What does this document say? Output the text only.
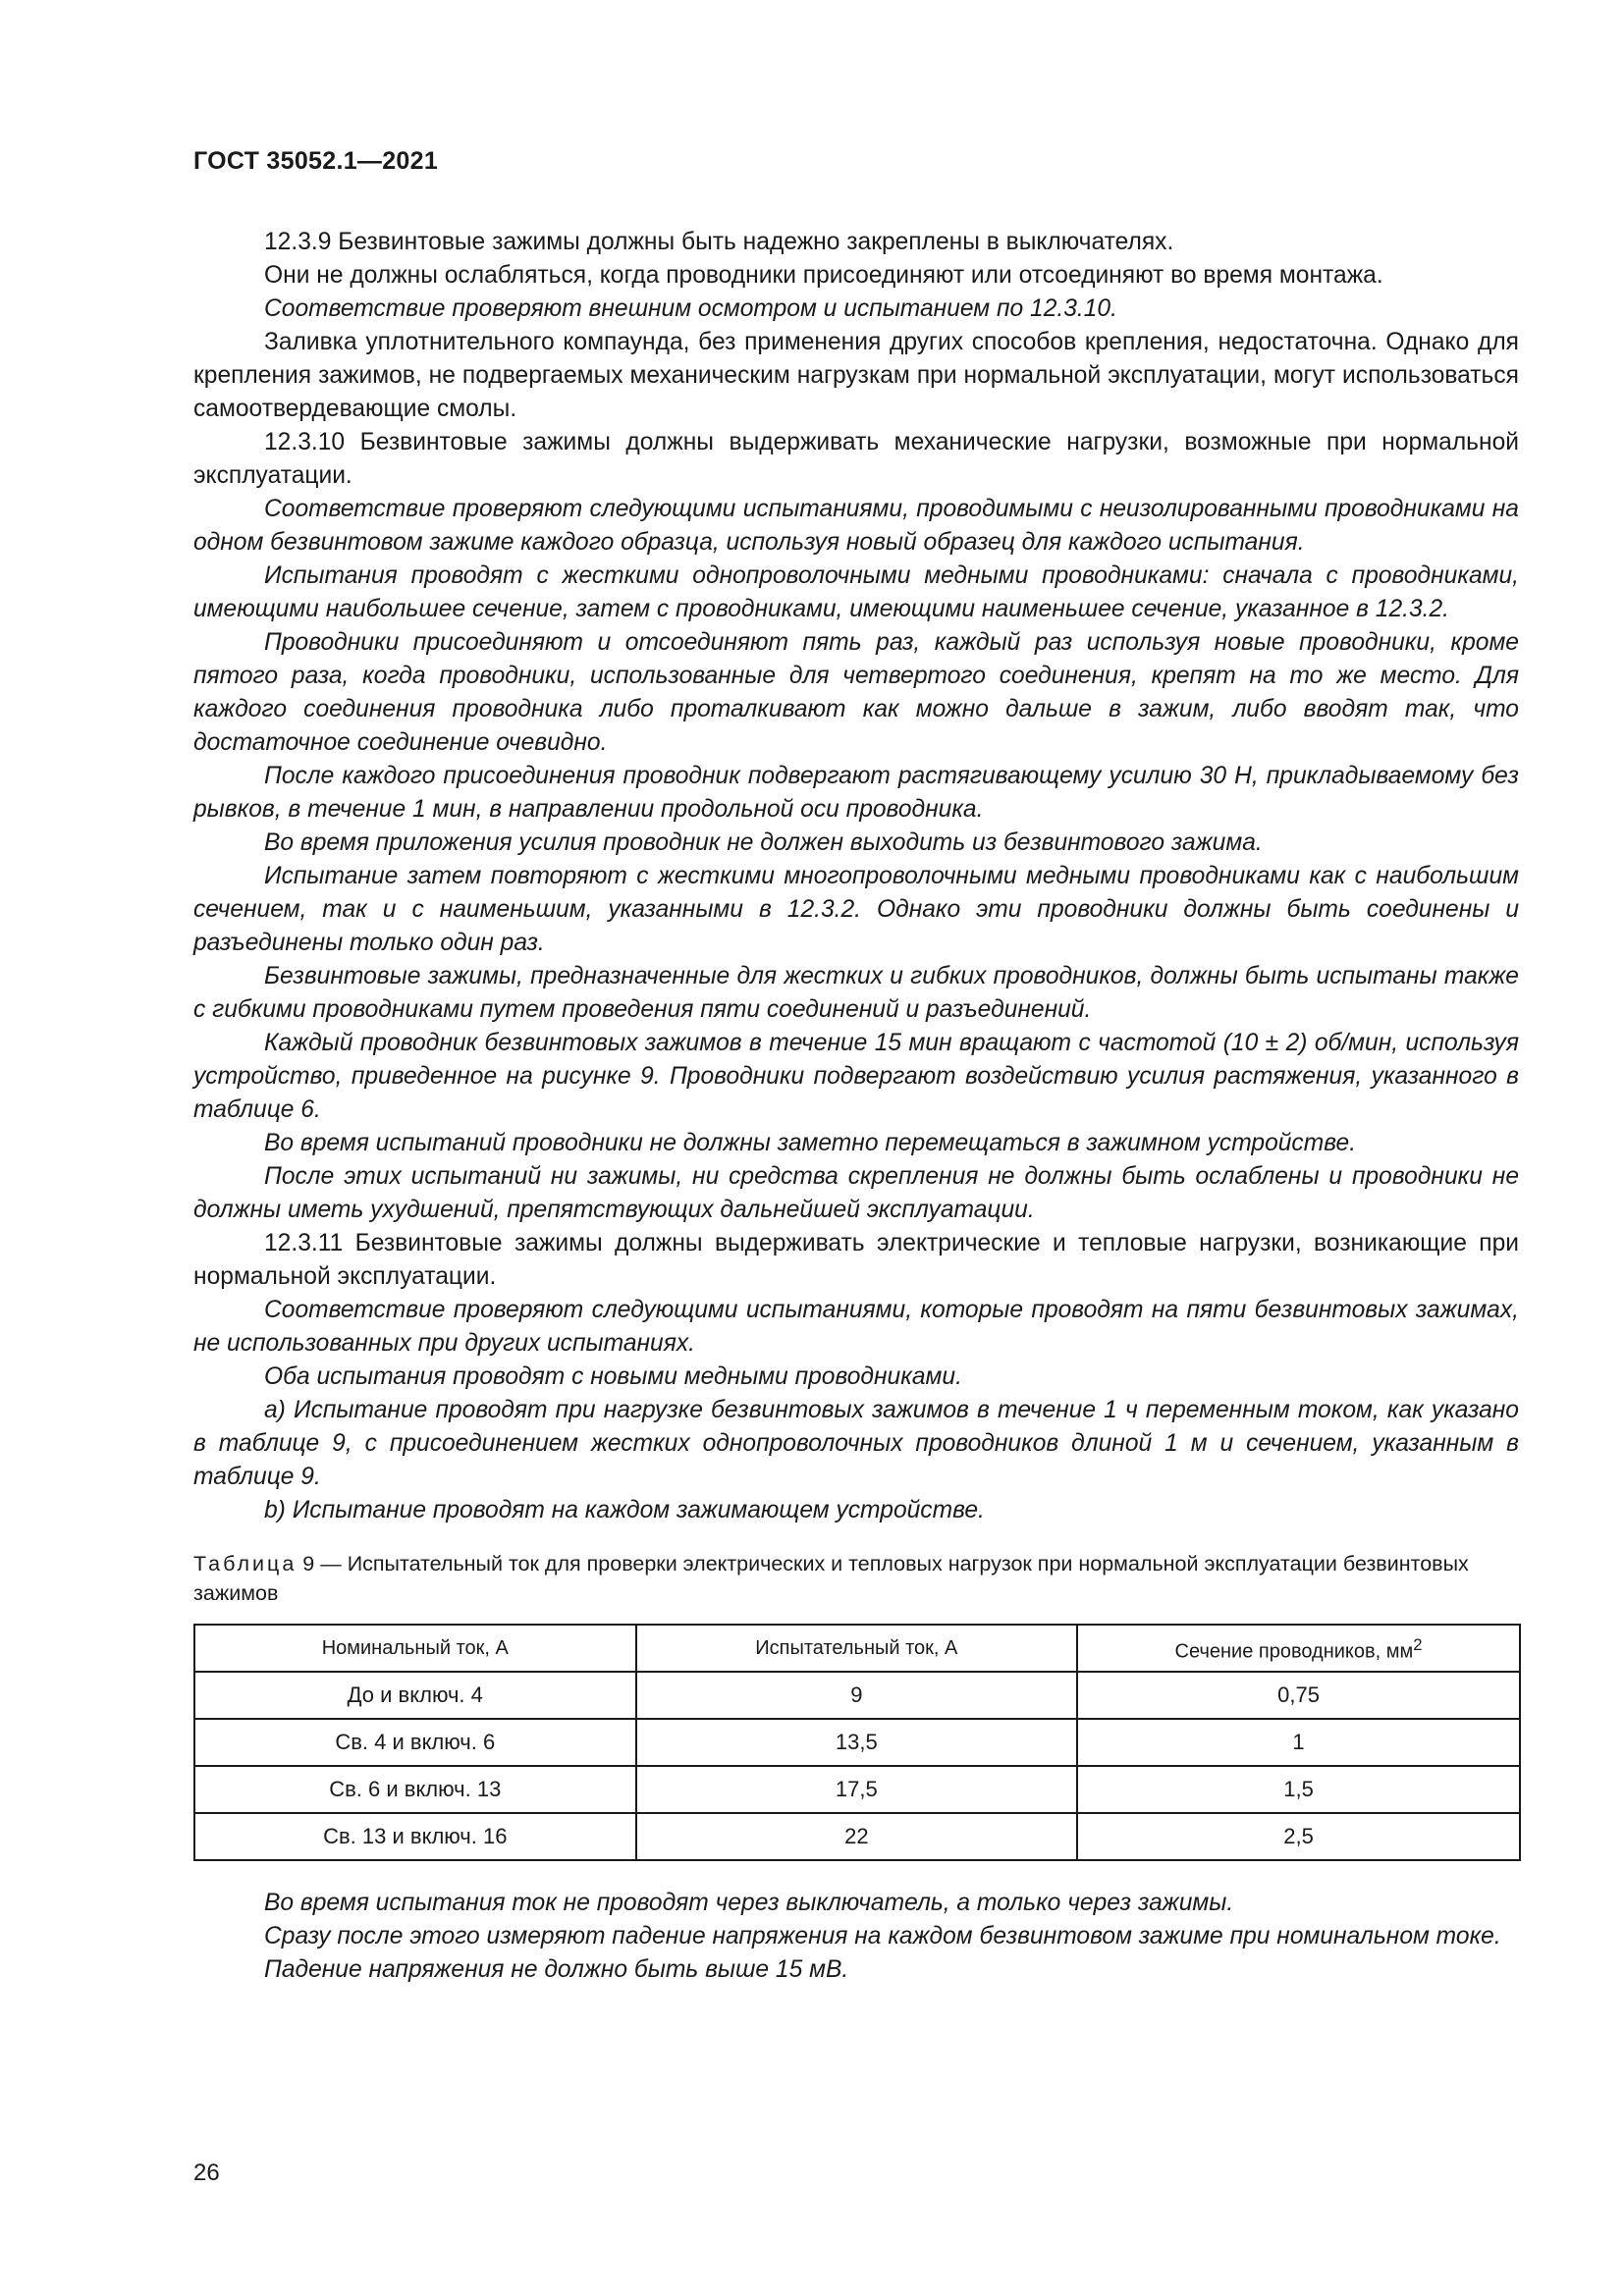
ГОСТ 35052.1—2021

12.3.9 Безвинтовые зажимы должны быть надежно закреплены в выключателях.

Они не должны ослабляться, когда проводники присоединяют или отсоединяют во время монтажа.

Соответствие проверяют внешним осмотром и испытанием по 12.3.10.

Заливка уплотнительного компаунда, без применения других способов крепления, недостаточна. Однако для крепления зажимов, не подвергаемых механическим нагрузкам при нормальной эксплуатации, могут использоваться самоотвердевающие смолы.

12.3.10 Безвинтовые зажимы должны выдерживать механические нагрузки, возможные при нормальной эксплуатации.

Соответствие проверяют следующими испытаниями, проводимыми с неизолированными проводниками на одном безвинтовом зажиме каждого образца, используя новый образец для каждого испытания.

Испытания проводят с жесткими однопроволочными медными проводниками: сначала с проводниками, имеющими наибольшее сечение, затем с проводниками, имеющими наименьшее сечение, указанное в 12.3.2.

Проводники присоединяют и отсоединяют пять раз, каждый раз используя новые проводники, кроме пятого раза, когда проводники, использованные для четвертого соединения, крепят на то же место. Для каждого соединения проводника либо проталкивают как можно дальше в зажим, либо вводят так, что достаточное соединение очевидно.

После каждого присоединения проводник подвергают растягивающему усилию 30 Н, прикладываемому без рывков, в течение 1 мин, в направлении продольной оси проводника.

Во время приложения усилия проводник не должен выходить из безвинтового зажима.

Испытание затем повторяют с жесткими многопроволочными медными проводниками как с наибольшим сечением, так и с наименьшим, указанными в 12.3.2. Однако эти проводники должны быть соединены и разъединены только один раз.

Безвинтовые зажимы, предназначенные для жестких и гибких проводников, должны быть испытаны также с гибкими проводниками путем проведения пяти соединений и разъединений.

Каждый проводник безвинтовых зажимов в течение 15 мин вращают с частотой (10 ± 2) об/мин, используя устройство, приведенное на рисунке 9. Проводники подвергают воздействию усилия растяжения, указанного в таблице 6.

Во время испытаний проводники не должны заметно перемещаться в зажимном устройстве.

После этих испытаний ни зажимы, ни средства скрепления не должны быть ослаблены и проводники не должны иметь ухудшений, препятствующих дальнейшей эксплуатации.

12.3.11 Безвинтовые зажимы должны выдерживать электрические и тепловые нагрузки, возникающие при нормальной эксплуатации.

Соответствие проверяют следующими испытаниями, которые проводят на пяти безвинтовых зажимах, не использованных при других испытаниях.

Оба испытания проводят с новыми медными проводниками.

a) Испытание проводят при нагрузке безвинтовых зажимов в течение 1 ч переменным током, как указано в таблице 9, с присоединением жестких однопроволочных проводников длиной 1 м и сечением, указанным в таблице 9.

b) Испытание проводят на каждом зажимающем устройстве.

Таблица 9 — Испытательный ток для проверки электрических и тепловых нагрузок при нормальной эксплуатации безвинтовых зажимов
Номинальный ток, А	Испытательный ток, А	Сечение проводников, $мм^2$
До и включ. 4	9	0,75
Св. 4 и включ. 6	13,5	1
Св. 6 и включ. 13	17,5	1,5
Св. 13 и включ. 16	22	2,5

Во время испытания ток не проводят через выключатель, а только через зажимы.

Сразу после этого измеряют падение напряжения на каждом безвинтовом зажиме при номинальном токе.

Падение напряжения не должно быть выше 15 мВ.

26
